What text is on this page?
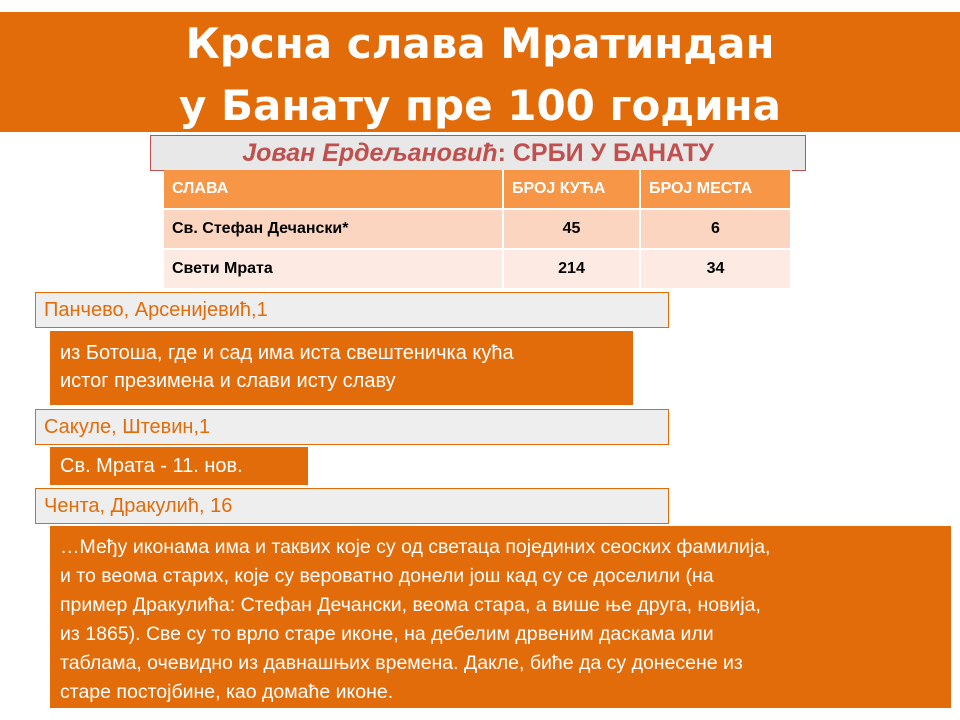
Крсна слава Мратиндан
у Банату пре 100 година
Јован Ердељановић: СРБИ У БАНАТУ
СЛАВА	БРОЈ КУЋА	БРОЈ МЕСТА
Св. Стефан Дечански*	45	6
Свети Мрата	214	34
Панчево, Арсенијевић,1

из Ботоша, где и сад има иста свештеничка кућа

истог презимена и слави исту славу

Сакуле, Штевин,1

Св. Мрата - 11. нов.

Чента, Дракулић, 16

…Међу иконама има и таквих које су од светаца појединих сеоских фамилија,

и то веома старих, које су вероватно донели још кад су се доселили (на

пример Дракулића: Стефан Дечански, веома стара, а више ње друга, новија,

из 1865). Све су то врло старе иконе, на дебелим дрвеним даскама или

таблама, очевидно из давнашњих времена. Дакле, биће да су донесене из

старе постојбине, као домаће иконе.
